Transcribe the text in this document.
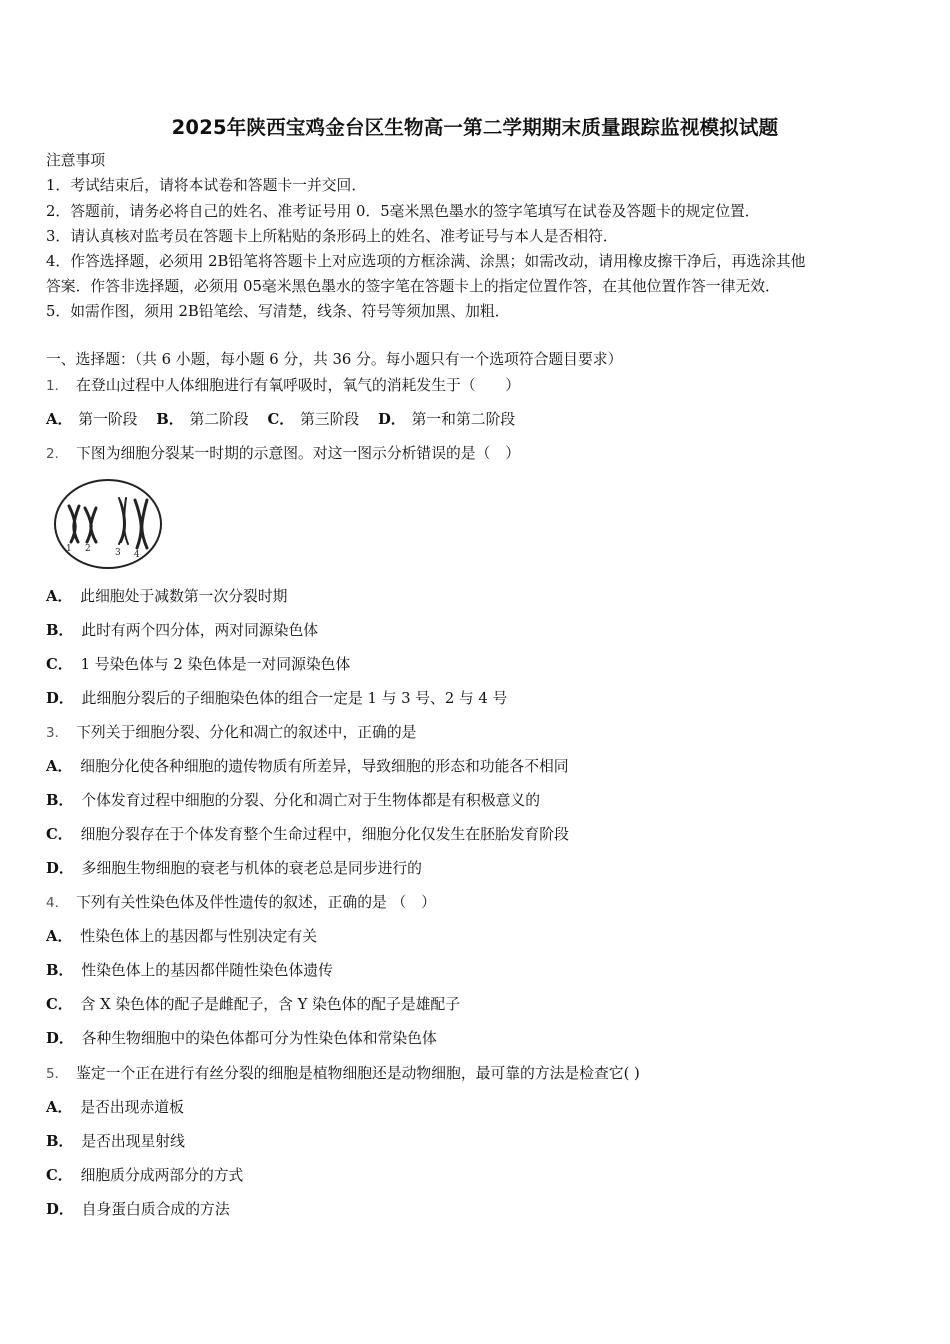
2025年陕西宝鸡金台区生物高一第二学期期末质量跟踪监视模拟试题
注意事项
1．考试结束后，请将本试卷和答题卡一并交回．
2．答题前，请务必将自己的姓名、准考证号用 0．5毫米黑色墨水的签字笔填写在试卷及答题卡的规定位置．
3．请认真核对监考员在答题卡上所粘贴的条形码上的姓名、准考证号与本人是否相符．
4．作答选择题，必须用 2B铅笔将答题卡上对应选项的方框涂满、涂黑；如需改动，请用橡皮擦干净后，再选涂其他
答案．作答非选择题，必须用 05毫米黑色墨水的签字笔在答题卡上的指定位置作答，在其他位置作答一律无效．
5．如需作图，须用 2B铅笔绘、写清楚，线条、符号等须加黑、加粗．
一、选择题：（共 6 小题，每小题 6 分，共 36 分。每小题只有一个选项符合题目要求）
1． 在登山过程中人体细胞进行有氧呼吸时，氧气的消耗发生于（　　）
A． 第一阶段 B． 第二阶段 C． 第三阶段 D． 第一和第二阶段
2． 下图为细胞分裂某一时期的示意图。对这一图示分析错误的是（　）
1 2	3 4
A． 此细胞处于减数第一次分裂时期
B． 此时有两个四分体，两对同源染色体
C． 1 号染色体与 2 染色体是一对同源染色体
D． 此细胞分裂后的子细胞染色体的组合一定是 1 与 3 号、2 与 4 号
3． 下列关于细胞分裂、分化和凋亡的叙述中，正确的是
A． 细胞分化使各种细胞的遗传物质有所差异，导致细胞的形态和功能各不相同
B． 个体发育过程中细胞的分裂、分化和凋亡对于生物体都是有积极意义的
C． 细胞分裂存在于个体发育整个生命过程中，细胞分化仅发生在胚胎发育阶段
D． 多细胞生物细胞的衰老与机体的衰老总是同步进行的
4． 下列有关性染色体及伴性遗传的叙述，正确的是 （　）
A． 性染色体上的基因都与性别决定有关
B． 性染色体上的基因都伴随性染色体遗传
C． 含 X 染色体的配子是雌配子，含 Y 染色体的配子是雄配子
D． 各种生物细胞中的染色体都可分为性染色体和常染色体
5． 鉴定一个正在进行有丝分裂的细胞是植物细胞还是动物细胞，最可靠的方法是检查它( )
A． 是否出现赤道板
B． 是否出现星射线
C． 细胞质分成两部分的方式
D． 自身蛋白质合成的方法
